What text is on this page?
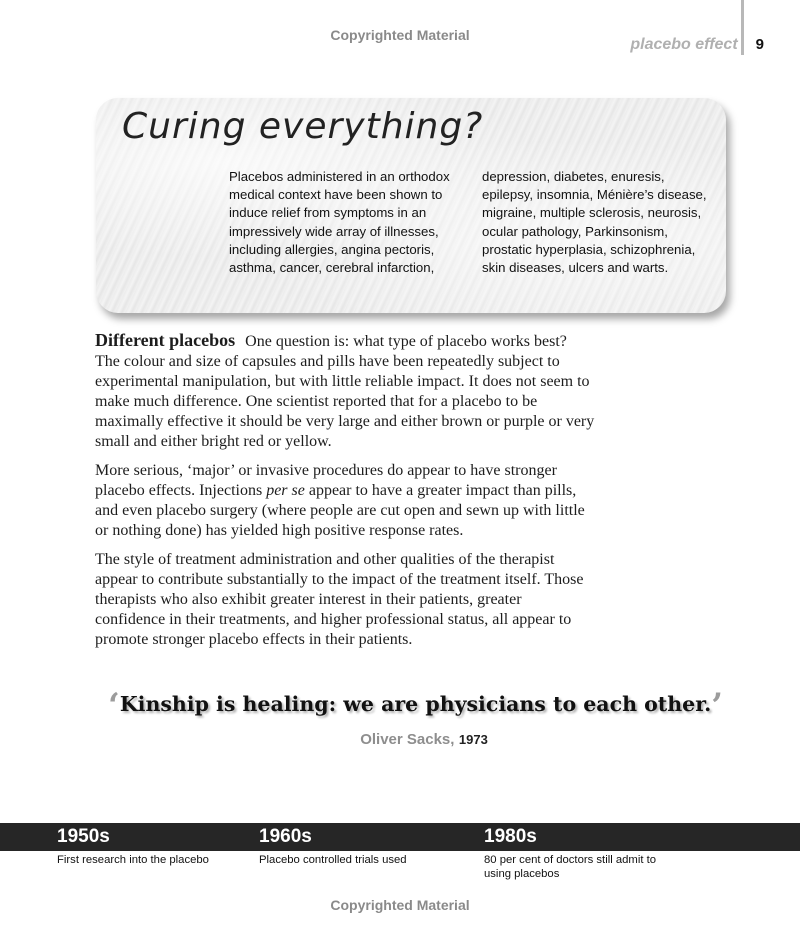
Copyrighted Material
placebo effect 9
Curing everything?
Placebos administered in an orthodox medical context have been shown to induce relief from symptoms in an impressively wide array of illnesses, including allergies, angina pectoris, asthma, cancer, cerebral infarction,
depression, diabetes, enuresis, epilepsy, insomnia, Ménière’s disease, migraine, multiple sclerosis, neurosis, ocular pathology, Parkinsonism, prostatic hyperplasia, schizophrenia, skin diseases, ulcers and warts.

Different placebos One question is: what type of placebo works best? The colour and size of capsules and pills have been repeatedly subject to experimental manipulation, but with little reliable impact. It does not seem to make much difference. One scientist reported that for a placebo to be maximally effective it should be very large and either brown or purple or very small and either bright red or yellow.

More serious, ‘major’ or invasive procedures do appear to have stronger placebo effects. Injections per se appear to have a greater impact than pills, and even placebo surgery (where people are cut open and sewn up with little or nothing done) has yielded high positive response rates.

The style of treatment administration and other qualities of the therapist appear to contribute substantially to the impact of the treatment itself. Those therapists who also exhibit greater interest in their patients, greater confidence in their treatments, and higher professional status, all appear to promote stronger placebo effects in their patients.

‘Kinship is healing: we are physicians to each other.’
Oliver Sacks, 1973
1950s
First research into the placebo
1960s
Placebo controlled trials used
1980s
80 per cent of doctors still admit to using placebos
Copyrighted Material
